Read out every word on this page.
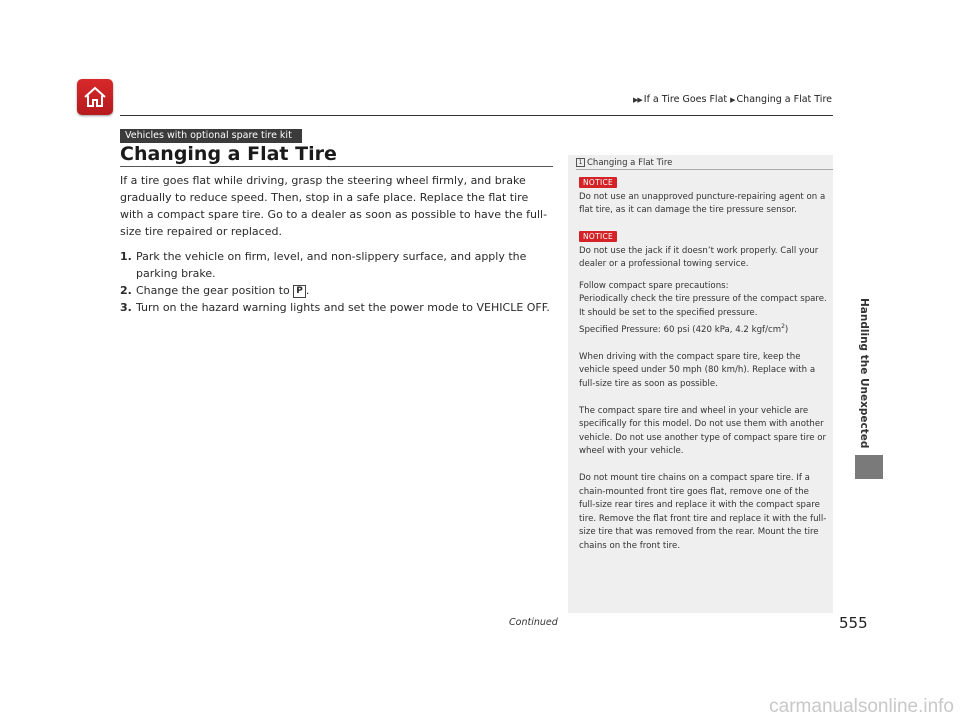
▶▶ If a Tire Goes Flat ▶ Changing a Flat Tire
Vehicles with optional spare tire kit
Changing a Flat Tire

If a tire goes flat while driving, grasp the steering wheel firmly, and brake gradually to reduce speed. Then, stop in a safe place. Replace the flat tire with a compact spare tire. Go to a dealer as soon as possible to have the full-size tire repaired or replaced.

1. Park the vehicle on firm, level, and non-slippery surface, and apply the parking brake.
2. Change the gear position to P .
3. Turn on the hazard warning lights and set the power mode to VEHICLE OFF.
1 Changing a Flat Tire
NOTICE

Do not use an unapproved puncture-repairing agent on a flat tire, as it can damage the tire pressure sensor.

NOTICE

Do not use the jack if it doesn’t work properly. Call your dealer or a professional towing service.

Follow compact spare precautions:

Periodically check the tire pressure of the compact spare. It should be set to the specified pressure.

Specified Pressure: 60 psi (420 kPa, 4.2 kgf/$cm^2$)

When driving with the compact spare tire, keep the vehicle speed under 50 mph (80 km/h). Replace with a full-size tire as soon as possible.

The compact spare tire and wheel in your vehicle are specifically for this model. Do not use them with another vehicle. Do not use another type of compact spare tire or wheel with your vehicle.

Do not mount tire chains on a compact spare tire. If a chain-mounted front tire goes flat, remove one of the full-size rear tires and replace it with the compact spare tire. Remove the flat front tire and replace it with the full-size tire that was removed from the rear. Mount the tire chains on the front tire.

Handling the Unexpected
Continued	555
carmanualsonline.info
